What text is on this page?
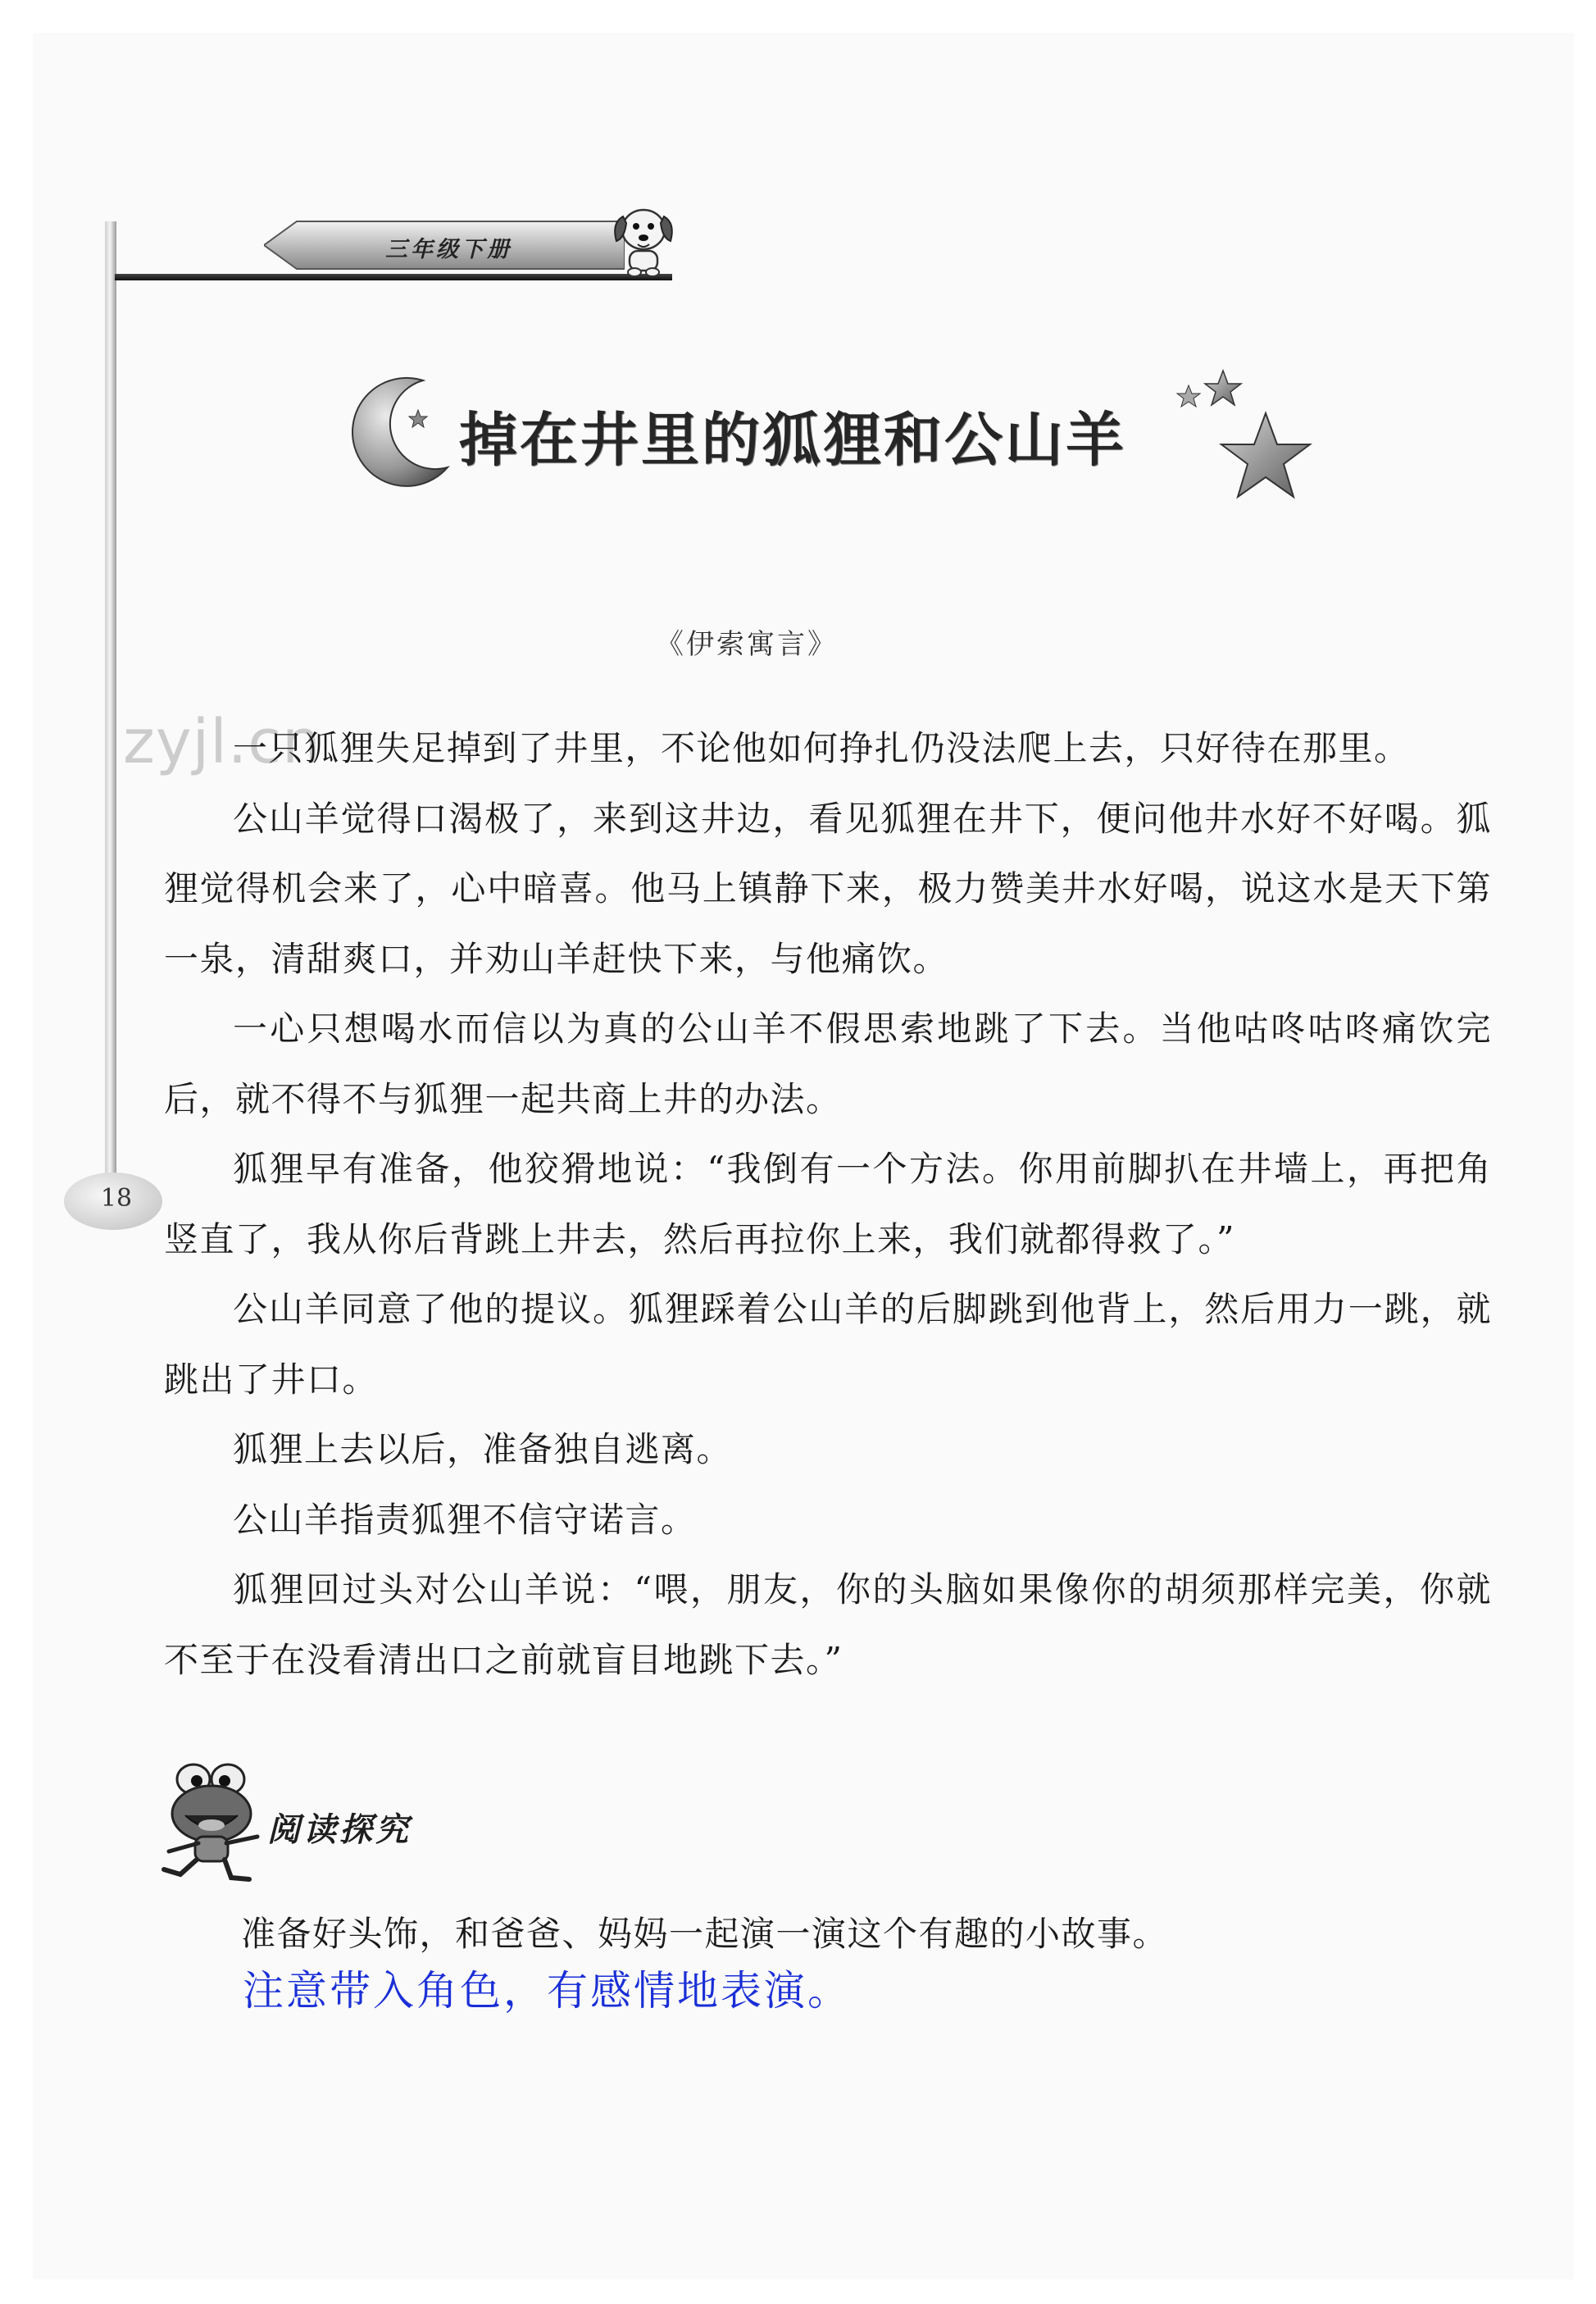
三年级下册
掉在井里的狐狸和公山羊
《伊索寓言》
zyjl.cn

一只狐狸失足掉到了井里，不论他如何挣扎仍没法爬上去，只好待在那里。

公山羊觉得口渴极了，来到这井边，看见狐狸在井下，便问他井水好不好喝。狐狸觉得机会来了，心中暗喜。他马上镇静下来，极力赞美井水好喝，说这水是天下第一泉，清甜爽口，并劝山羊赶快下来，与他痛饮。

一心只想喝水而信以为真的公山羊不假思索地跳了下去。当他咕咚咕咚痛饮完后，就不得不与狐狸一起共商上井的办法。

狐狸早有准备，他狡猾地说：“我倒有一个方法。你用前脚扒在井墙上，再把角竖直了，我从你后背跳上井去，然后再拉你上来，我们就都得救了。”

公山羊同意了他的提议。狐狸踩着公山羊的后脚跳到他背上，然后用力一跳，就跳出了井口。

狐狸上去以后，准备独自逃离。

公山羊指责狐狸不信守诺言。

狐狸回过头对公山羊说：“喂，朋友，你的头脑如果像你的胡须那样完美，你就不至于在没看清出口之前就盲目地跳下去。”

18
阅读探究
准备好头饰，和爸爸、妈妈一起演一演这个有趣的小故事。
注意带入角色，有感情地表演。
